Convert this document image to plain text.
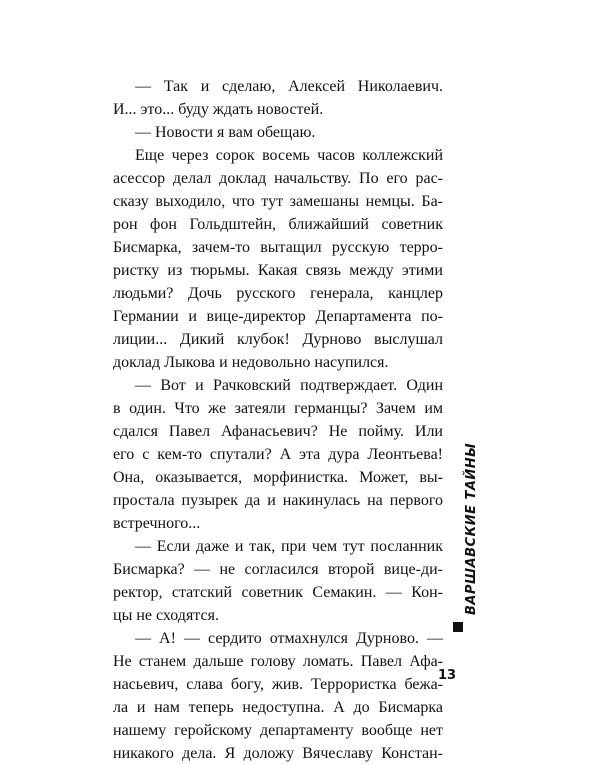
— Так и сделаю, Алексей Николаевич.
И... это... буду ждать новостей.
— Новости я вам обещаю.
Еще через сорок восемь часов коллежский
асессор делал доклад начальству. По его рас-
сказу выходило, что тут замешаны немцы. Ба-
рон фон Гольдштейн, ближайший советник
Бисмарка, зачем-то вытащил русскую терро-
ристку из тюрьмы. Какая связь между этими
людьми? Дочь русского генерала, канцлер
Германии и вице-директор Департамента по-
лиции... Дикий клубок! Дурново выслушал
доклад Лыкова и недовольно насупился.
— Вот и Рачковский подтверждает. Один
в один. Что же затеяли германцы? Зачем им
сдался Павел Афанасьевич? Не пойму. Или
его с кем-то спутали? А эта дура Леонтьева!
Она, оказывается, морфинистка. Может, вы-
простала пузырек да и накинулась на первого
встречного...
— Если даже и так, при чем тут посланник
Бисмарка? — не согласился второй вице-ди-
ректор, статский советник Семакин. — Кон-
цы не сходятся.
— А! — сердито отмахнулся Дурново. —
Не станем дальше голову ломать. Павел Афа-
насьевич, слава богу, жив. Террористка бежа-
ла и нам теперь недоступна. А до Бисмарка
нашему геройскому департаменту вообще нет
никакого дела. Я доложу Вячеславу Констан-
ВАРШАВСКИЕ ТАЙНЫ
13
